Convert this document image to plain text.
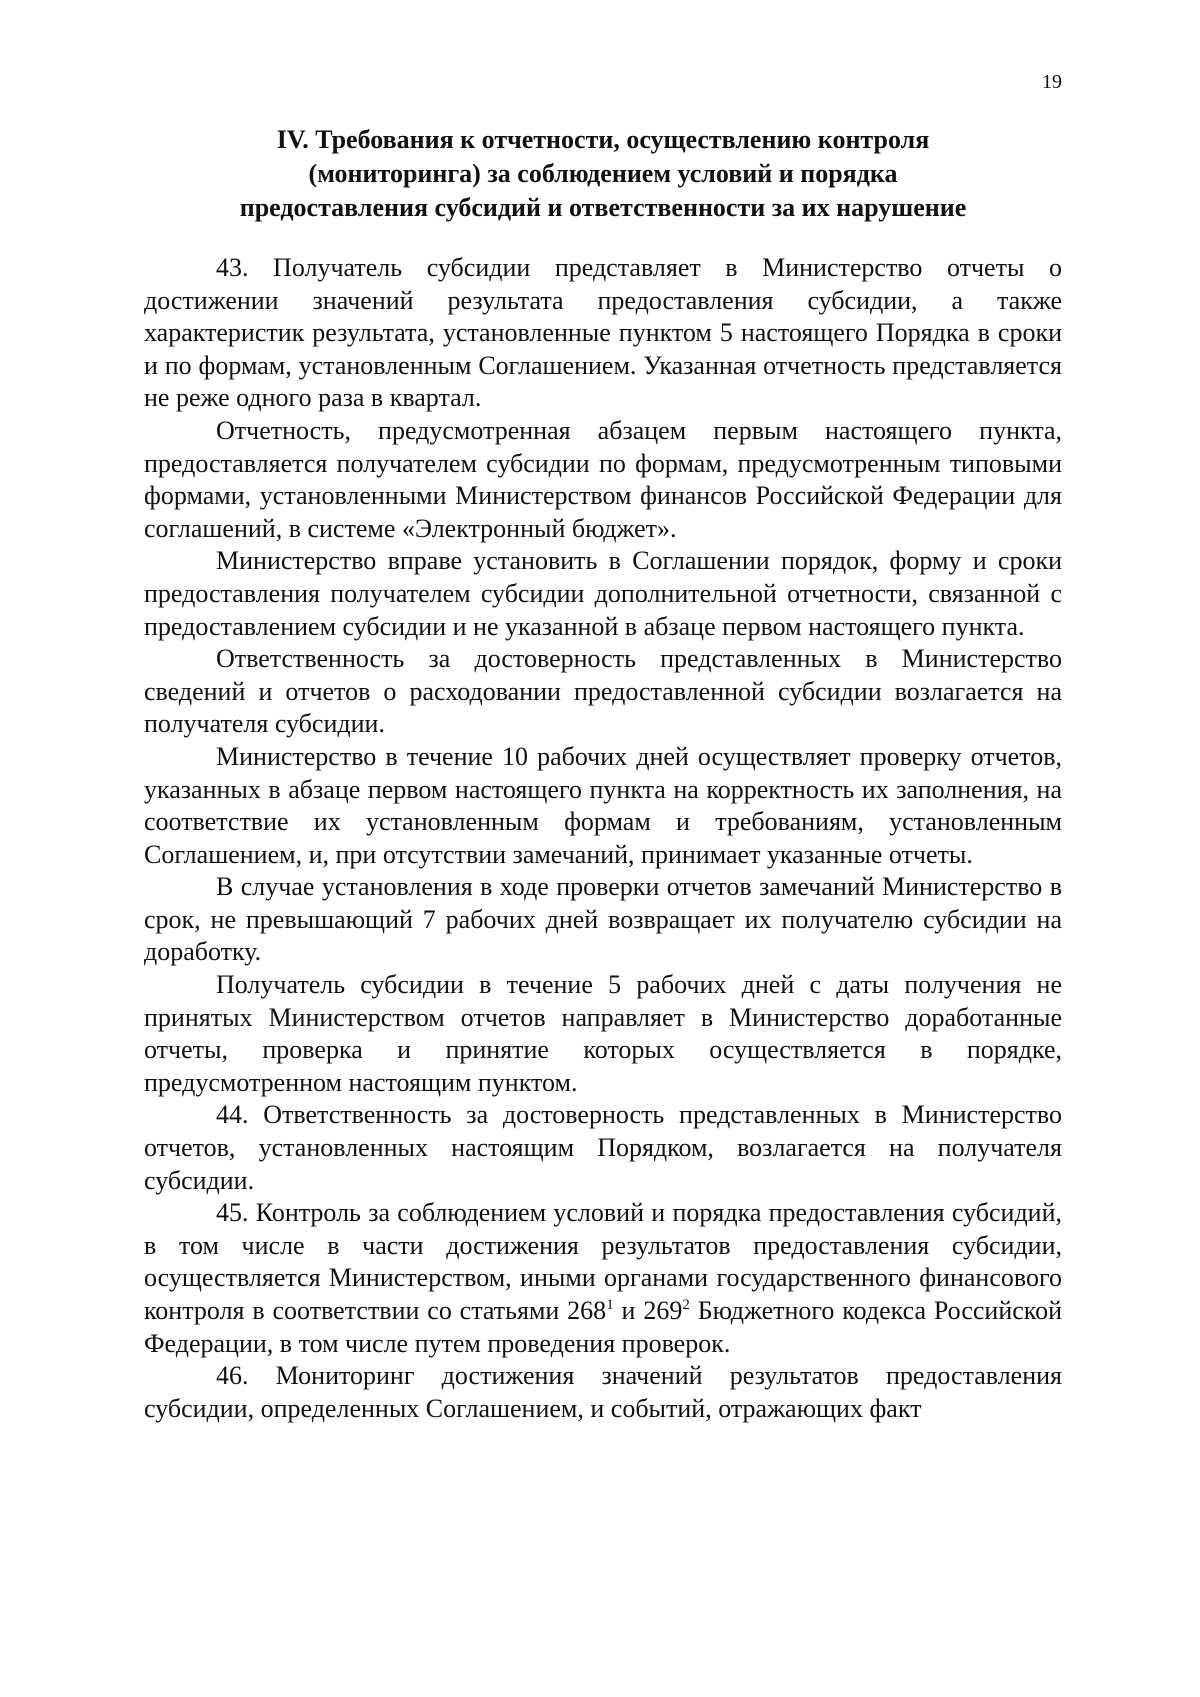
19
IV. Требования к отчетности, осуществлению контроля
(мониторинга) за соблюдением условий и порядка
предоставления субсидий и ответственности за их нарушение

43. Получатель субсидии представляет в Министерство отчеты о достижении значений результата предоставления субсидии, а также характеристик результата, установленные пунктом 5 настоящего Порядка в сроки и по формам, установленным Соглашением. Указанная отчетность представляется не реже одного раза в квартал.

Отчетность, предусмотренная абзацем первым настоящего пункта, предоставляется получателем субсидии по формам, предусмотренным типовыми формами, установленными Министерством финансов Российской Федерации для соглашений, в системе «Электронный бюджет».

Министерство вправе установить в Соглашении порядок, форму и сроки предоставления получателем субсидии дополнительной отчетности, связанной с предоставлением субсидии и не указанной в абзаце первом настоящего пункта.

Ответственность за достоверность представленных в Министерство сведений и отчетов о расходовании предоставленной субсидии возлагается на получателя субсидии.

Министерство в течение 10 рабочих дней осуществляет проверку отчетов, указанных в абзаце первом настоящего пункта на корректность их заполнения, на соответствие их установленным формам и требованиям, установленным Соглашением, и, при отсутствии замечаний, принимает указанные отчеты.

В случае установления в ходе проверки отчетов замечаний Министерство в срок, не превышающий 7 рабочих дней возвращает их получателю субсидии на доработку.

Получатель субсидии в течение 5 рабочих дней с даты получения не принятых Министерством отчетов направляет в Министерство доработанные отчеты, проверка и принятие которых осуществляется в порядке, предусмотренном настоящим пунктом.

44. Ответственность за достоверность представленных в Министерство отчетов, установленных настоящим Порядком, возлагается на получателя субсидии.

45. Контроль за соблюдением условий и порядка предоставления субсидий, в том числе в части достижения результатов предоставления субсидии, осуществляется Министерством, иными органами государственного финансового контроля в соответствии со статьями $268^1$ и $269^2$ Бюджетного кодекса Российской Федерации, в том числе путем проведения проверок.

46. Мониторинг достижения значений результатов предоставления субсидии, определенных Соглашением, и событий, отражающих факт
